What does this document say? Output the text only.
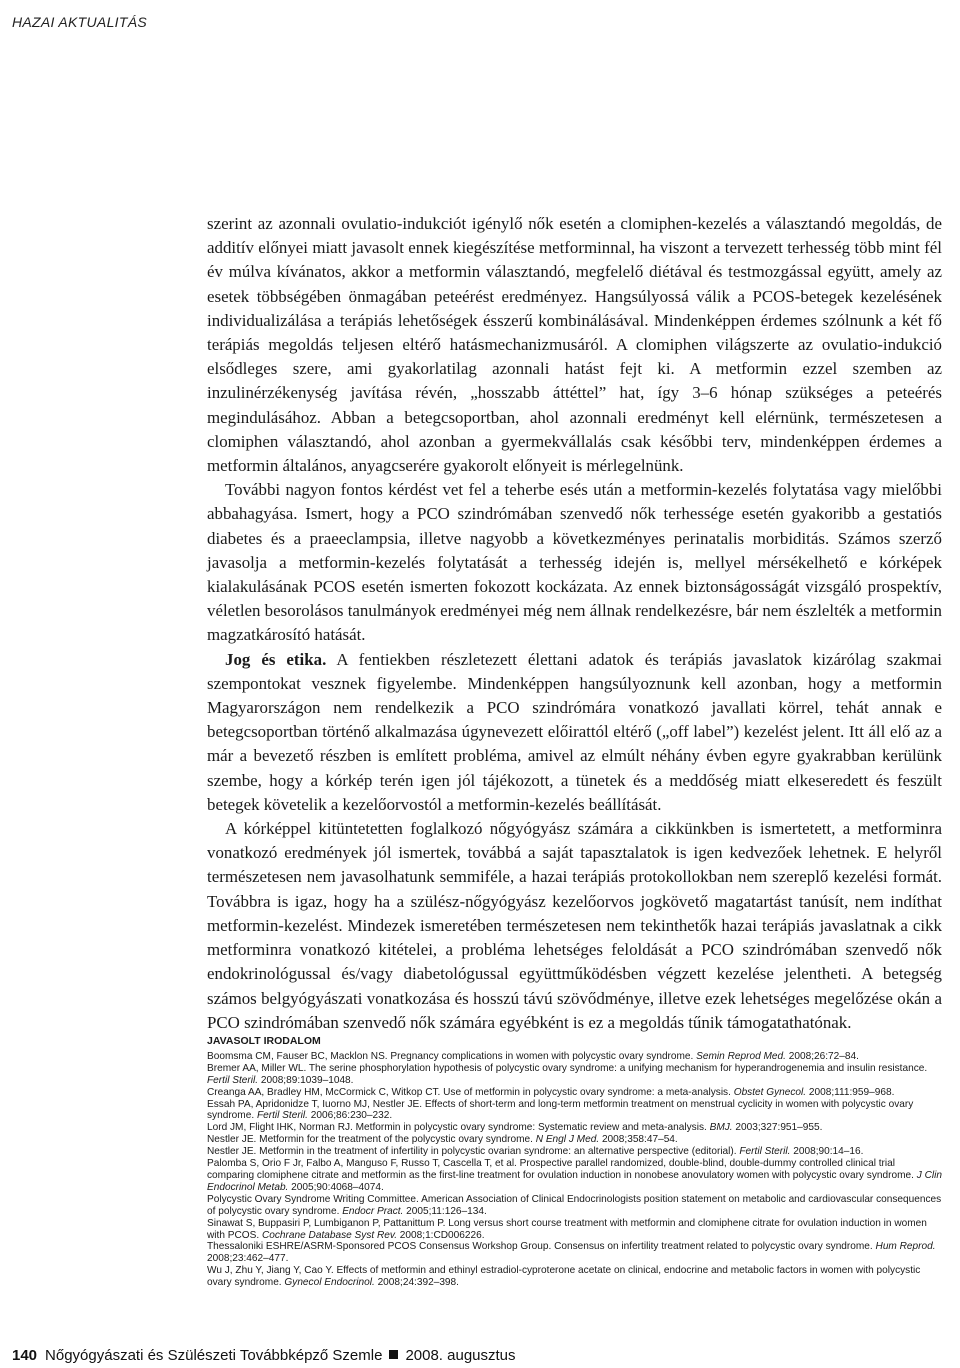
HAZAI AKTUALITÁS

szerint az azonnali ovulatio-indukciót igénylő nők esetén a clomiphen-kezelés a választandó megoldás, de additív előnyei miatt javasolt ennek kiegészítése metforminnal, ha viszont a tervezett terhesség több mint fél év múlva kívánatos, akkor a metformin választandó, megfelelő diétával és testmozgással együtt, amely az esetek többségében önmagában peteérést eredményez. Hangsúlyossá válik a PCOS-betegek kezelésének individualizálása a terápiás lehetőségek ésszerű kombinálásával. Mindenképpen érdemes szólnunk a két fő terápiás megoldás teljesen eltérő hatásmechanizmusáról. A clomiphen világszerte az ovulatio-indukció elsődleges szere, ami gyakorlatilag azonnali hatást fejt ki. A metformin ezzel szemben az inzulinérzékenység javítása révén, „hosszabb áttéttel” hat, így 3–6 hónap szükséges a peteérés megindulásához. Abban a betegcsoportban, ahol azonnali eredményt kell elérnünk, természetesen a clomiphen választandó, ahol azonban a gyermekvállalás csak későbbi terv, mindenképpen érdemes a metformin általános, anyagcserére gyakorolt előnyeit is mérlegelnünk.

További nagyon fontos kérdést vet fel a teherbe esés után a metformin-kezelés folytatása vagy mielőbbi abbahagyása. Ismert, hogy a PCO szindrómában szenvedő nők terhessége esetén gyakoribb a gestatiós diabetes és a praeeclampsia, illetve nagyobb a következményes perinatalis morbiditás. Számos szerző javasolja a metformin-kezelés folytatását a terhesség idején is, mellyel mérsékelhető e kórképek kialakulásának PCOS esetén ismerten fokozott kockázata. Az ennek biztonságosságát vizsgáló prospektív, véletlen besorolásos tanulmányok eredményei még nem állnak rendelkezésre, bár nem észlelték a metformin magzatkárosító hatását.

Jog és etika. A fentiekben részletezett élettani adatok és terápiás javaslatok kizárólag szakmai szempontokat vesznek figyelembe. Mindenképpen hangsúlyoznunk kell azonban, hogy a metformin Magyarországon nem rendelkezik a PCO szindrómára vonatkozó javallati körrel, tehát annak e betegcsoportban történő alkalmazása úgynevezett előirattól eltérő („off label”) kezelést jelent. Itt áll elő az a már a bevezető részben is említett probléma, amivel az elmúlt néhány évben egyre gyakrabban kerülünk szembe, hogy a kórkép terén igen jól tájékozott, a tünetek és a meddőség miatt elkeseredett és feszült betegek követelik a kezelőorvostól a metformin-kezelés beállítását.

A kórképpel kitüntetetten foglalkozó nőgyógyász számára a cikkünkben is ismertetett, a metforminra vonatkozó eredmények jól ismertek, továbbá a saját tapasztalatok is igen kedvezőek lehetnek. E helyről természetesen nem javasolhatunk semmiféle, a hazai terápiás protokollokban nem szereplő kezelési formát. Továbbra is igaz, hogy ha a szülész-nőgyógyász kezelőorvos jogkövető magatartást tanúsít, nem indíthat metformin-kezelést. Mindezek ismeretében természetesen nem tekinthetők hazai terápiás javaslatnak a cikk metforminra vonatkozó kitételei, a probléma lehetséges feloldását a PCO szindrómában szenvedő nők endokrinológussal és/vagy diabetológussal együttműködésben végzett kezelése jelentheti. A betegség számos belgyógyászati vonatkozása és hosszú távú szövődménye, illetve ezek lehetséges megelőzése okán a PCO szindrómában szenvedő nők számára egyébként is ez a megoldás tűnik támogatathatónak.

JAVASOLT IRODALOM
Boomsma CM, Fauser BC, Macklon NS. Pregnancy complications in women with polycystic ovary syndrome. Semin Reprod Med. 2008;26:72–84.
Bremer AA, Miller WL. The serine phosphorylation hypothesis of polycystic ovary syndrome: a unifying mechanism for hyperandrogenemia and insulin resistance. Fertil Steril. 2008;89:1039–1048.
Creanga AA, Bradley HM, McCormick C, Witkop CT. Use of metformin in polycystic ovary syndrome: a meta-analysis. Obstet Gynecol. 2008;111:959–968.
Essah PA, Apridonidze T, Iuorno MJ, Nestler JE. Effects of short-term and long-term metformin treatment on menstrual cyclicity in women with polycystic ovary syndrome. Fertil Steril. 2006;86:230–232.
Lord JM, Flight IHK, Norman RJ. Metformin in polycystic ovary syndrome: Systematic review and meta-analysis. BMJ. 2003;327:951–955.
Nestler JE. Metformin for the treatment of the polycystic ovary syndrome. N Engl J Med. 2008;358:47–54.
Nestler JE. Metformin in the treatment of infertility in polycystic ovarian syndrome: an alternative perspective (editorial). Fertil Steril. 2008;90:14–16.
Palomba S, Orio F Jr, Falbo A, Manguso F, Russo T, Cascella T, et al. Prospective parallel randomized, double-blind, double-dummy controlled clinical trial comparing clomiphene citrate and metformin as the first-line treatment for ovulation induction in nonobese anovulatory women with polycystic ovary syndrome. J Clin Endocrinol Metab. 2005;90:4068–4074.
Polycystic Ovary Syndrome Writing Committee. American Association of Clinical Endocrinologists position statement on metabolic and cardiovascular consequences of polycystic ovary syndrome. Endocr Pract. 2005;11:126–134.
Sinawat S, Buppasiri P, Lumbiganon P, Pattanittum P. Long versus short course treatment with metformin and clomiphene citrate for ovulation induction in women with PCOS. Cochrane Database Syst Rev. 2008;1:CD006226.
Thessaloniki ESHRE/ASRM-Sponsored PCOS Consensus Workshop Group. Consensus on infertility treatment related to polycystic ovary syndrome. Hum Reprod. 2008;23:462–477.
Wu J, Zhu Y, Jiang Y, Cao Y. Effects of metformin and ethinyl estradiol-cyproterone acetate on clinical, endocrine and metabolic factors in women with polycystic ovary syndrome. Gynecol Endocrinol. 2008;24:392–398.
140 Nőgyógyászati és Szülészeti Továbbképző Szemle 2008. augusztus
